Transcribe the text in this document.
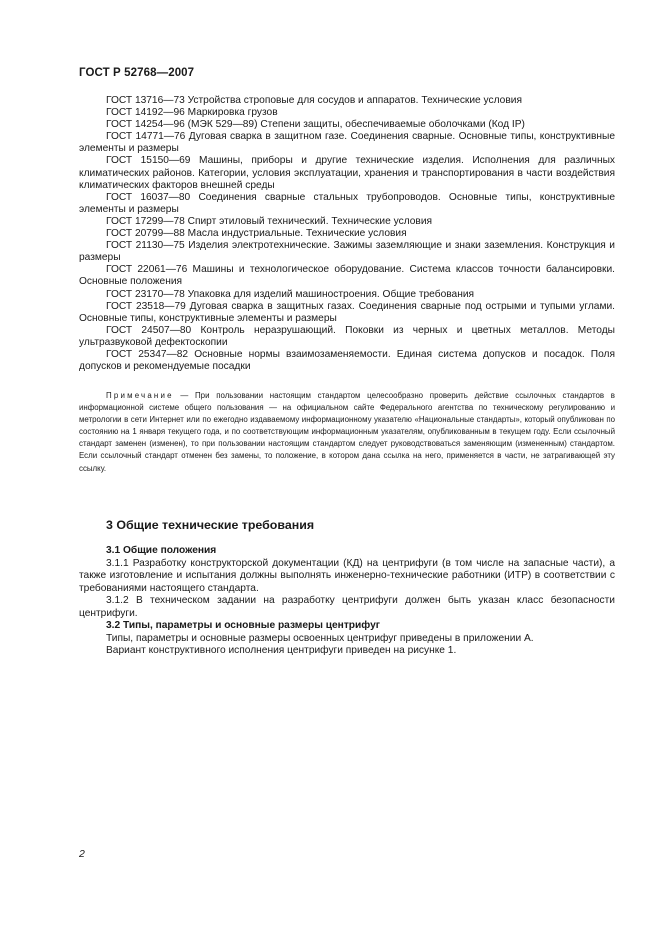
ГОСТ Р 52768—2007

ГОСТ 13716—73 Устройства строповые для сосудов и аппаратов. Технические условия

ГОСТ 14192—96 Маркировка грузов

ГОСТ 14254—96 (МЭК 529—89) Степени защиты, обеспечиваемые оболочками (Код IP)

ГОСТ 14771—76 Дуговая сварка в защитном газе. Соединения сварные. Основные типы, конструктивные элементы и размеры

ГОСТ 15150—69 Машины, приборы и другие технические изделия. Исполнения для различных климатических районов. Категории, условия эксплуатации, хранения и транспортирования в части воздействия климатических факторов внешней среды

ГОСТ 16037—80 Соединения сварные стальных трубопроводов. Основные типы, конструктивные элементы и размеры

ГОСТ 17299—78 Спирт этиловый технический. Технические условия

ГОСТ 20799—88 Масла индустриальные. Технические условия

ГОСТ 21130—75 Изделия электротехнические. Зажимы заземляющие и знаки заземления. Конструкция и размеры

ГОСТ 22061—76 Машины и технологическое оборудование. Система классов точности балансировки. Основные положения

ГОСТ 23170—78 Упаковка для изделий машиностроения. Общие требования

ГОСТ 23518—79 Дуговая сварка в защитных газах. Соединения сварные под острыми и тупыми углами. Основные типы, конструктивные элементы и размеры

ГОСТ 24507—80 Контроль неразрушающий. Поковки из черных и цветных металлов. Методы ультразвуковой дефектоскопии

ГОСТ 25347—82 Основные нормы взаимозаменяемости. Единая система допусков и посадок. Поля допусков и рекомендуемые посадки

Примечание — При пользовании настоящим стандартом целесообразно проверить действие ссылочных стандартов в информационной системе общего пользования — на официальном сайте Федерального агентства по техническому регулированию и метрологии в сети Интернет или по ежегодно издаваемому информационному указателю «Национальные стандарты», который опубликован по состоянию на 1 января текущего года, и по соответствующим информационным указателям, опубликованным в текущем году. Если ссылочный стандарт заменен (изменен), то при пользовании настоящим стандартом следует руководствоваться заменяющим (измененным) стандартом. Если ссылочный стандарт отменен без замены, то положение, в котором дана ссылка на него, применяется в части, не затрагивающей эту ссылку.

3 Общие технические требования

3.1 Общие положения

3.1.1 Разработку конструкторской документации (КД) на центрифуги (в том числе на запасные части), а также изготовление и испытания должны выполнять инженерно-технические работники (ИТР) в соответствии с требованиями настоящего стандарта.

3.1.2 В техническом задании на разработку центрифуги должен быть указан класс безопасности центрифуги.

3.2 Типы, параметры и основные размеры центрифуг

Типы, параметры и основные размеры освоенных центрифуг приведены в приложении А.

Вариант конструктивного исполнения центрифуги приведен на рисунке 1.

2
